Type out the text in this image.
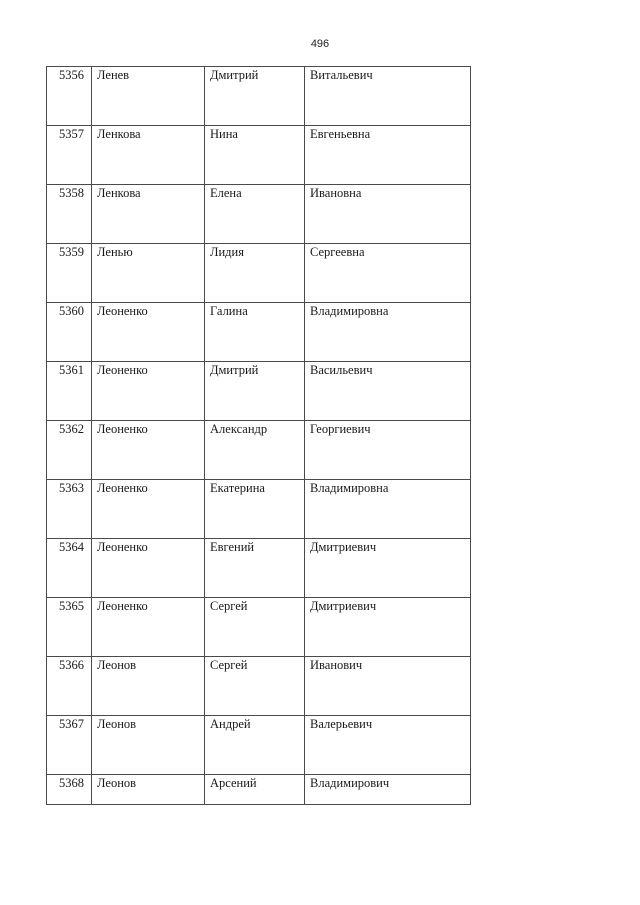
496
5356	Ленев	Дмитрий	Витальевич
5357	Ленкова	Нина	Евгеньевна
5358	Ленкова	Елена	Ивановна
5359	Ленью	Лидия	Сергеевна
5360	Леоненко	Галина	Владимировна
5361	Леоненко	Дмитрий	Васильевич
5362	Леоненко	Александр	Георгиевич
5363	Леоненко	Екатерина	Владимировна
5364	Леоненко	Евгений	Дмитриевич
5365	Леоненко	Сергей	Дмитриевич
5366	Леонов	Сергей	Иванович
5367	Леонов	Андрей	Валерьевич
5368	Леонов	Арсений	Владимирович
